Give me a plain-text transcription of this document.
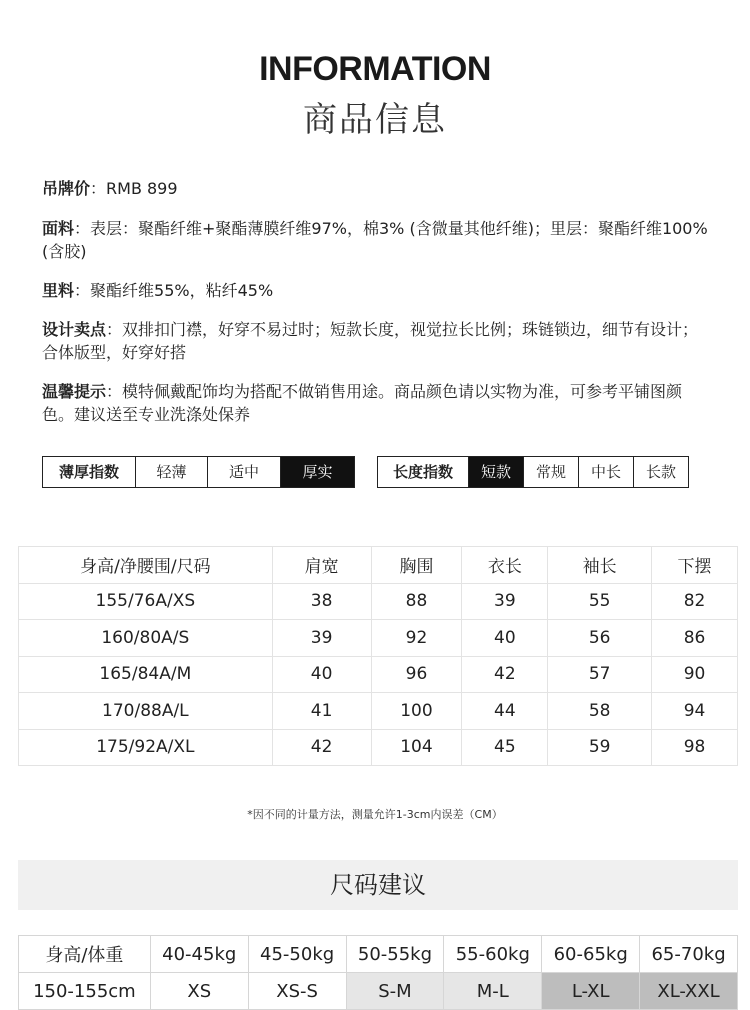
INFORMATION
商品信息
吊牌价：RMB 899
面料：表层：聚酯纤维+聚酯薄膜纤维97%，棉3% (含微量其他纤维)；里层：聚酯纤维100% (含胶)
里料：聚酯纤维55%，粘纤45%
设计卖点：双排扣门襟，好穿不易过时；短款长度，视觉拉长比例；珠链锁边，细节有设计；合体版型，好穿好搭
温馨提示：模特佩戴配饰均为搭配不做销售用途。商品颜色请以实物为准，可参考平铺图颜色。建议送至专业洗涤处保养
薄厚指数	轻薄	适中	厚实	长度指数	短款	常规	中长	长款
身高/净腰围/尺码	肩宽	胸围	衣长	袖长	下摆
155/76A/XS	38	88	39	55	82
160/80A/S	39	92	40	56	86
165/84A/M	40	96	42	57	90
170/88A/L	41	100	44	58	94
175/92A/XL	42	104	45	59	98
*因不同的计量方法，测量允许1-3cm内误差（CM）
尺码建议
身高/体重	40-45kg	45-50kg	50-55kg	55-60kg	60-65kg	65-70kg
150-155cm	XS	XS-S	S-M	M-L	L-XL	XL-XXL
